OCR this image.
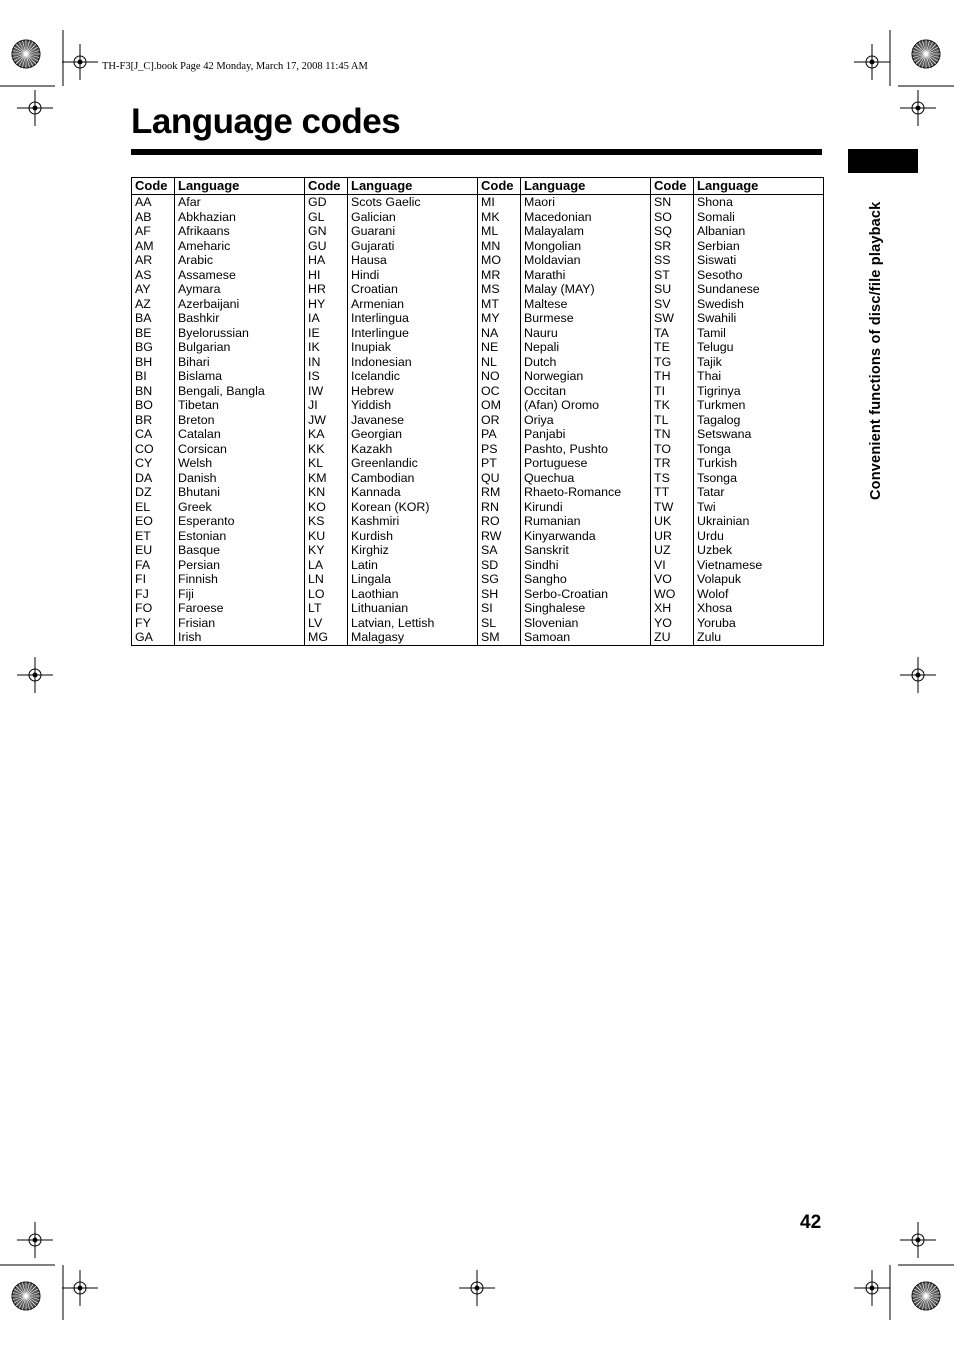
TH-F3[J_C].book Page 42 Monday, March 17, 2008 11:45 AM
Language codes
Convenient functions of disc/file playback
Code	Language	Code	Language	Code	Language	Code	Language
AA	Afar	GD	Scots Gaelic	MI	Maori	SN	Shona
AB	Abkhazian	GL	Galician	MK	Macedonian	SO	Somali
AF	Afrikaans	GN	Guarani	ML	Malayalam	SQ	Albanian
AM	Ameharic	GU	Gujarati	MN	Mongolian	SR	Serbian
AR	Arabic	HA	Hausa	MO	Moldavian	SS	Siswati
AS	Assamese	HI	Hindi	MR	Marathi	ST	Sesotho
AY	Aymara	HR	Croatian	MS	Malay (MAY)	SU	Sundanese
AZ	Azerbaijani	HY	Armenian	MT	Maltese	SV	Swedish
BA	Bashkir	IA	Interlingua	MY	Burmese	SW	Swahili
BE	Byelorussian	IE	Interlingue	NA	Nauru	TA	Tamil
BG	Bulgarian	IK	Inupiak	NE	Nepali	TE	Telugu
BH	Bihari	IN	Indonesian	NL	Dutch	TG	Tajik
BI	Bislama	IS	Icelandic	NO	Norwegian	TH	Thai
BN	Bengali, Bangla	IW	Hebrew	OC	Occitan	TI	Tigrinya
BO	Tibetan	JI	Yiddish	OM	(Afan) Oromo	TK	Turkmen
BR	Breton	JW	Javanese	OR	Oriya	TL	Tagalog
CA	Catalan	KA	Georgian	PA	Panjabi	TN	Setswana
CO	Corsican	KK	Kazakh	PS	Pashto, Pushto	TO	Tonga
CY	Welsh	KL	Greenlandic	PT	Portuguese	TR	Turkish
DA	Danish	KM	Cambodian	QU	Quechua	TS	Tsonga
DZ	Bhutani	KN	Kannada	RM	Rhaeto-Romance	TT	Tatar
EL	Greek	KO	Korean (KOR)	RN	Kirundi	TW	Twi
EO	Esperanto	KS	Kashmiri	RO	Rumanian	UK	Ukrainian
ET	Estonian	KU	Kurdish	RW	Kinyarwanda	UR	Urdu
EU	Basque	KY	Kirghiz	SA	Sanskrit	UZ	Uzbek
FA	Persian	LA	Latin	SD	Sindhi	VI	Vietnamese
FI	Finnish	LN	Lingala	SG	Sangho	VO	Volapuk
FJ	Fiji	LO	Laothian	SH	Serbo-Croatian	WO	Wolof
FO	Faroese	LT	Lithuanian	SI	Singhalese	XH	Xhosa
FY	Frisian	LV	Latvian, Lettish	SL	Slovenian	YO	Yoruba
GA	Irish	MG	Malagasy	SM	Samoan	ZU	Zulu
42
